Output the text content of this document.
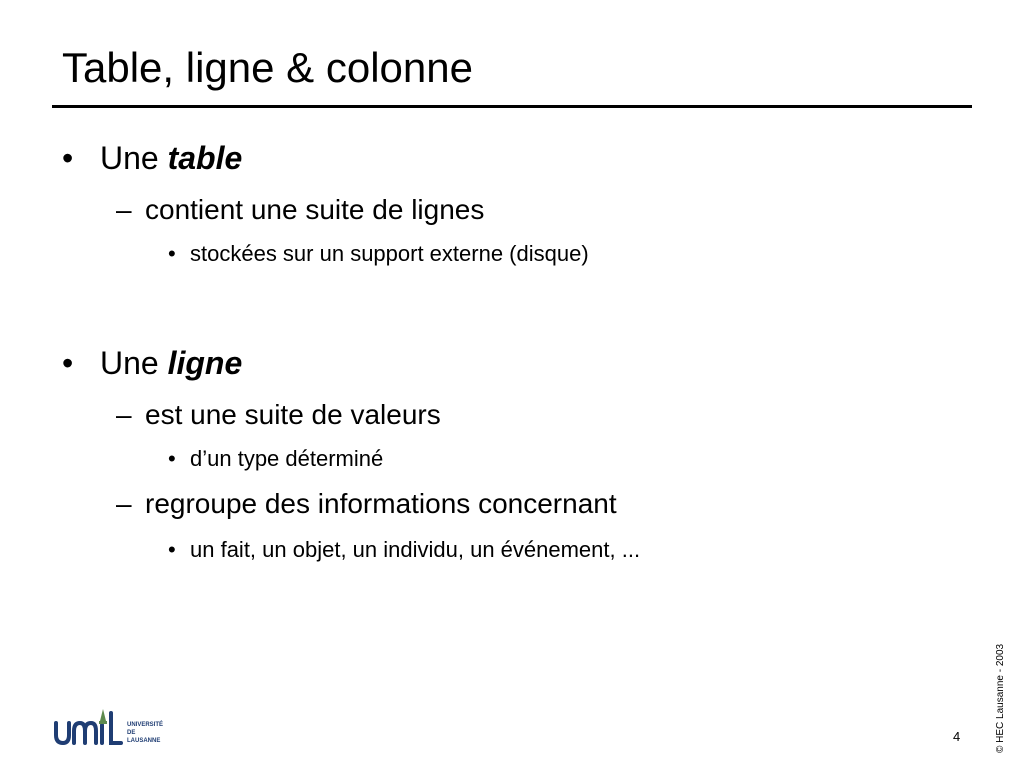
Table, ligne & colonne
• Une table
– contient une suite de lignes
• stockées sur un support externe (disque)
• Une ligne
– est une suite de valeurs
• d’un type déterminé
– regroupe des informations concernant
• un fait, un objet, un individu, un événement, ...
UNIVERSITÉ
DE
LAUSANNE	4	© HEC Lausanne - 2003
